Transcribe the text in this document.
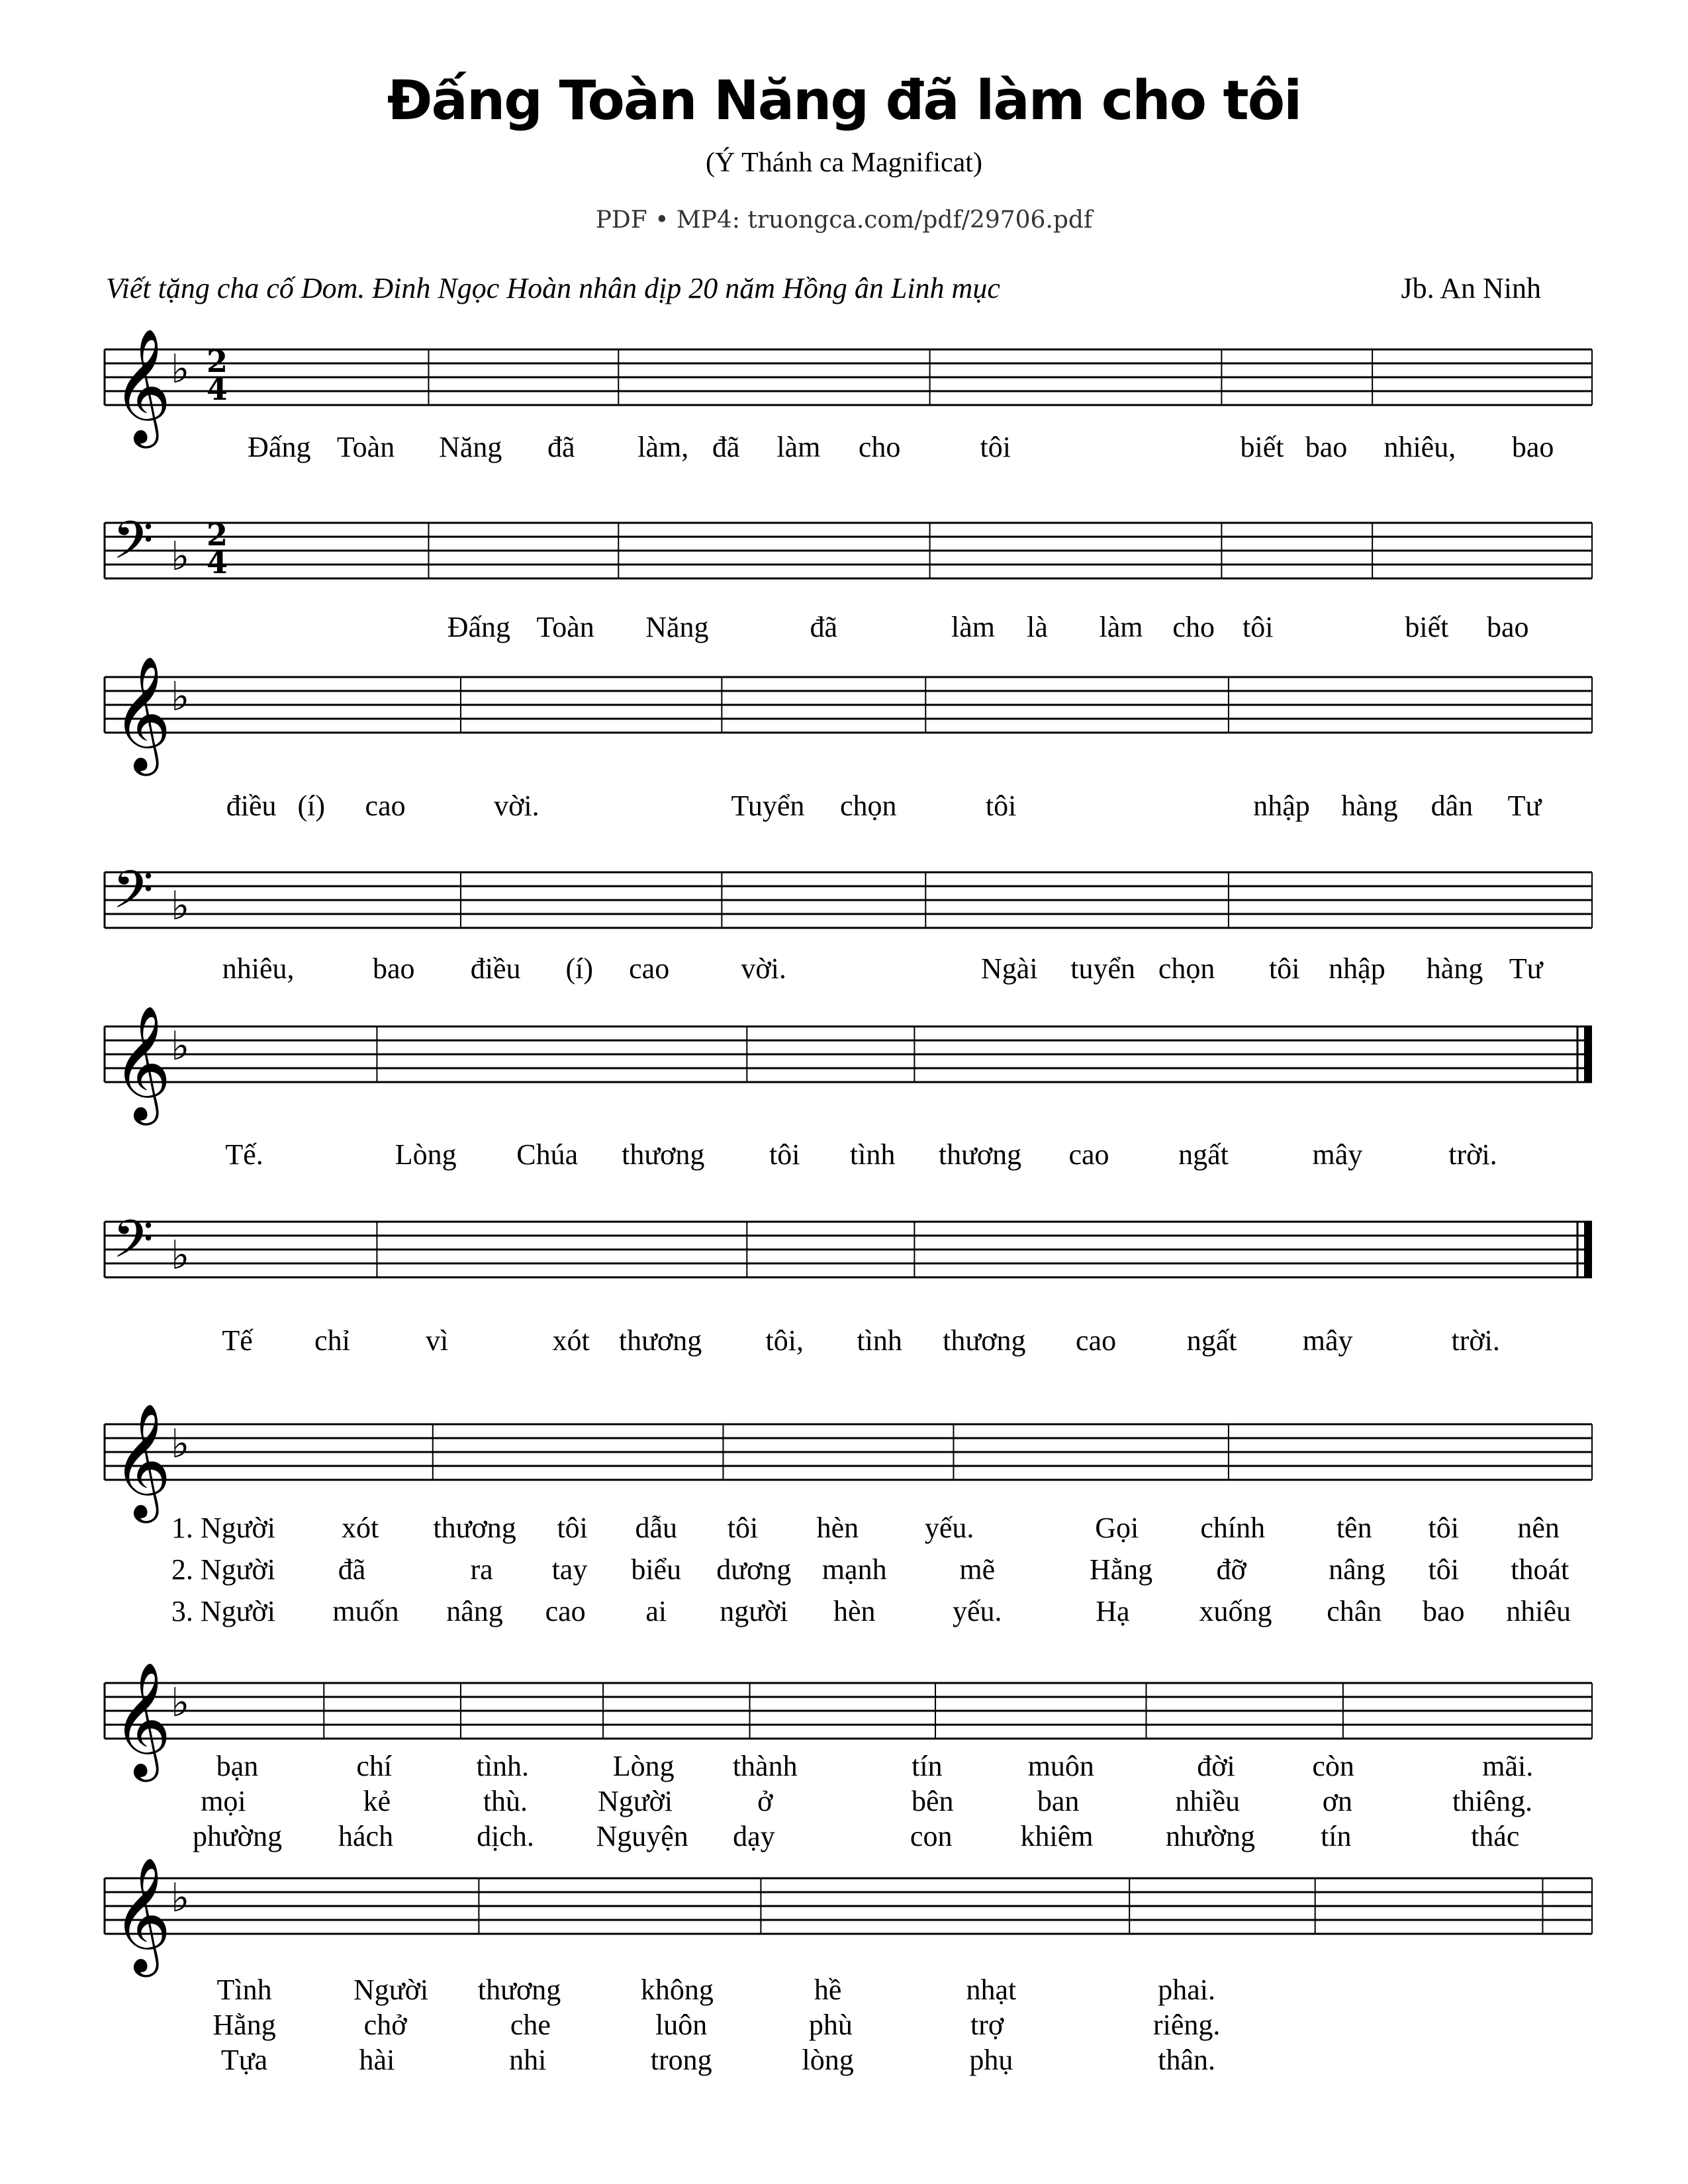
Đấng Toàn Năng đã làm cho tôi
(Ý Thánh ca Magnificat)
PDF • MP4: truongca.com/pdf/29706.pdf
Viết tặng cha cố Dom. Đinh Ngọc Hoàn nhân dịp 20 năm Hồng ân Linh mục	Jb. An Ninh
𝄞 ♭
𝄢 ♭
𝄞 ♭
𝄢 ♭
𝄞 ♭
𝄢 ♭
𝄞 ♭
𝄞 ♭
𝄞 ♭
2
4
2
4
Đấng Toàn Năng đã làm, đã làm cho	tôi	biết bao nhiêu, bao
Đấng Toàn Năng	đã	làm là làm cho tôi	biết bao
điều (í) cao	vời.	Tuyển chọn	tôi	nhập hàng dân Tư
nhiêu,	bao điều (í) cao vời.	Ngài tuyển chọn tôi nhập hàng Tư
Tế.	Lòng Chúa thương tôi tình thương cao ngất	mây	trời.
Tế chỉ	vì	xót thương tôi, tình thương cao ngất mây	trời.
1. Người xót thương tôi dẫu tôi hèn yếu.	Gọi chính tên tôi nên
2. Người đã	ra tay biểu dương mạnh mẽ	Hằng đỡ	nâng tôi thoát
3. Người muốn nâng cao ai người hèn	yếu.	Hạ xuống chân bao nhiêu
bạn	chí	tình.	Lòng thành	tín	muôn	đời	còn	mãi.
mọi	kẻ	thù. Người	ở	bên	ban	nhiều	ơn	thiêng.
phường hách	dịch. Nguyện dạy	con khiêm nhường tín	thác
Tình	Người thương	không	hề	nhạt	phai.
Hằng	chở	che	luôn	phù	trợ	riêng.
Tựa	hài	nhi	trong	lòng	phụ	thân.
